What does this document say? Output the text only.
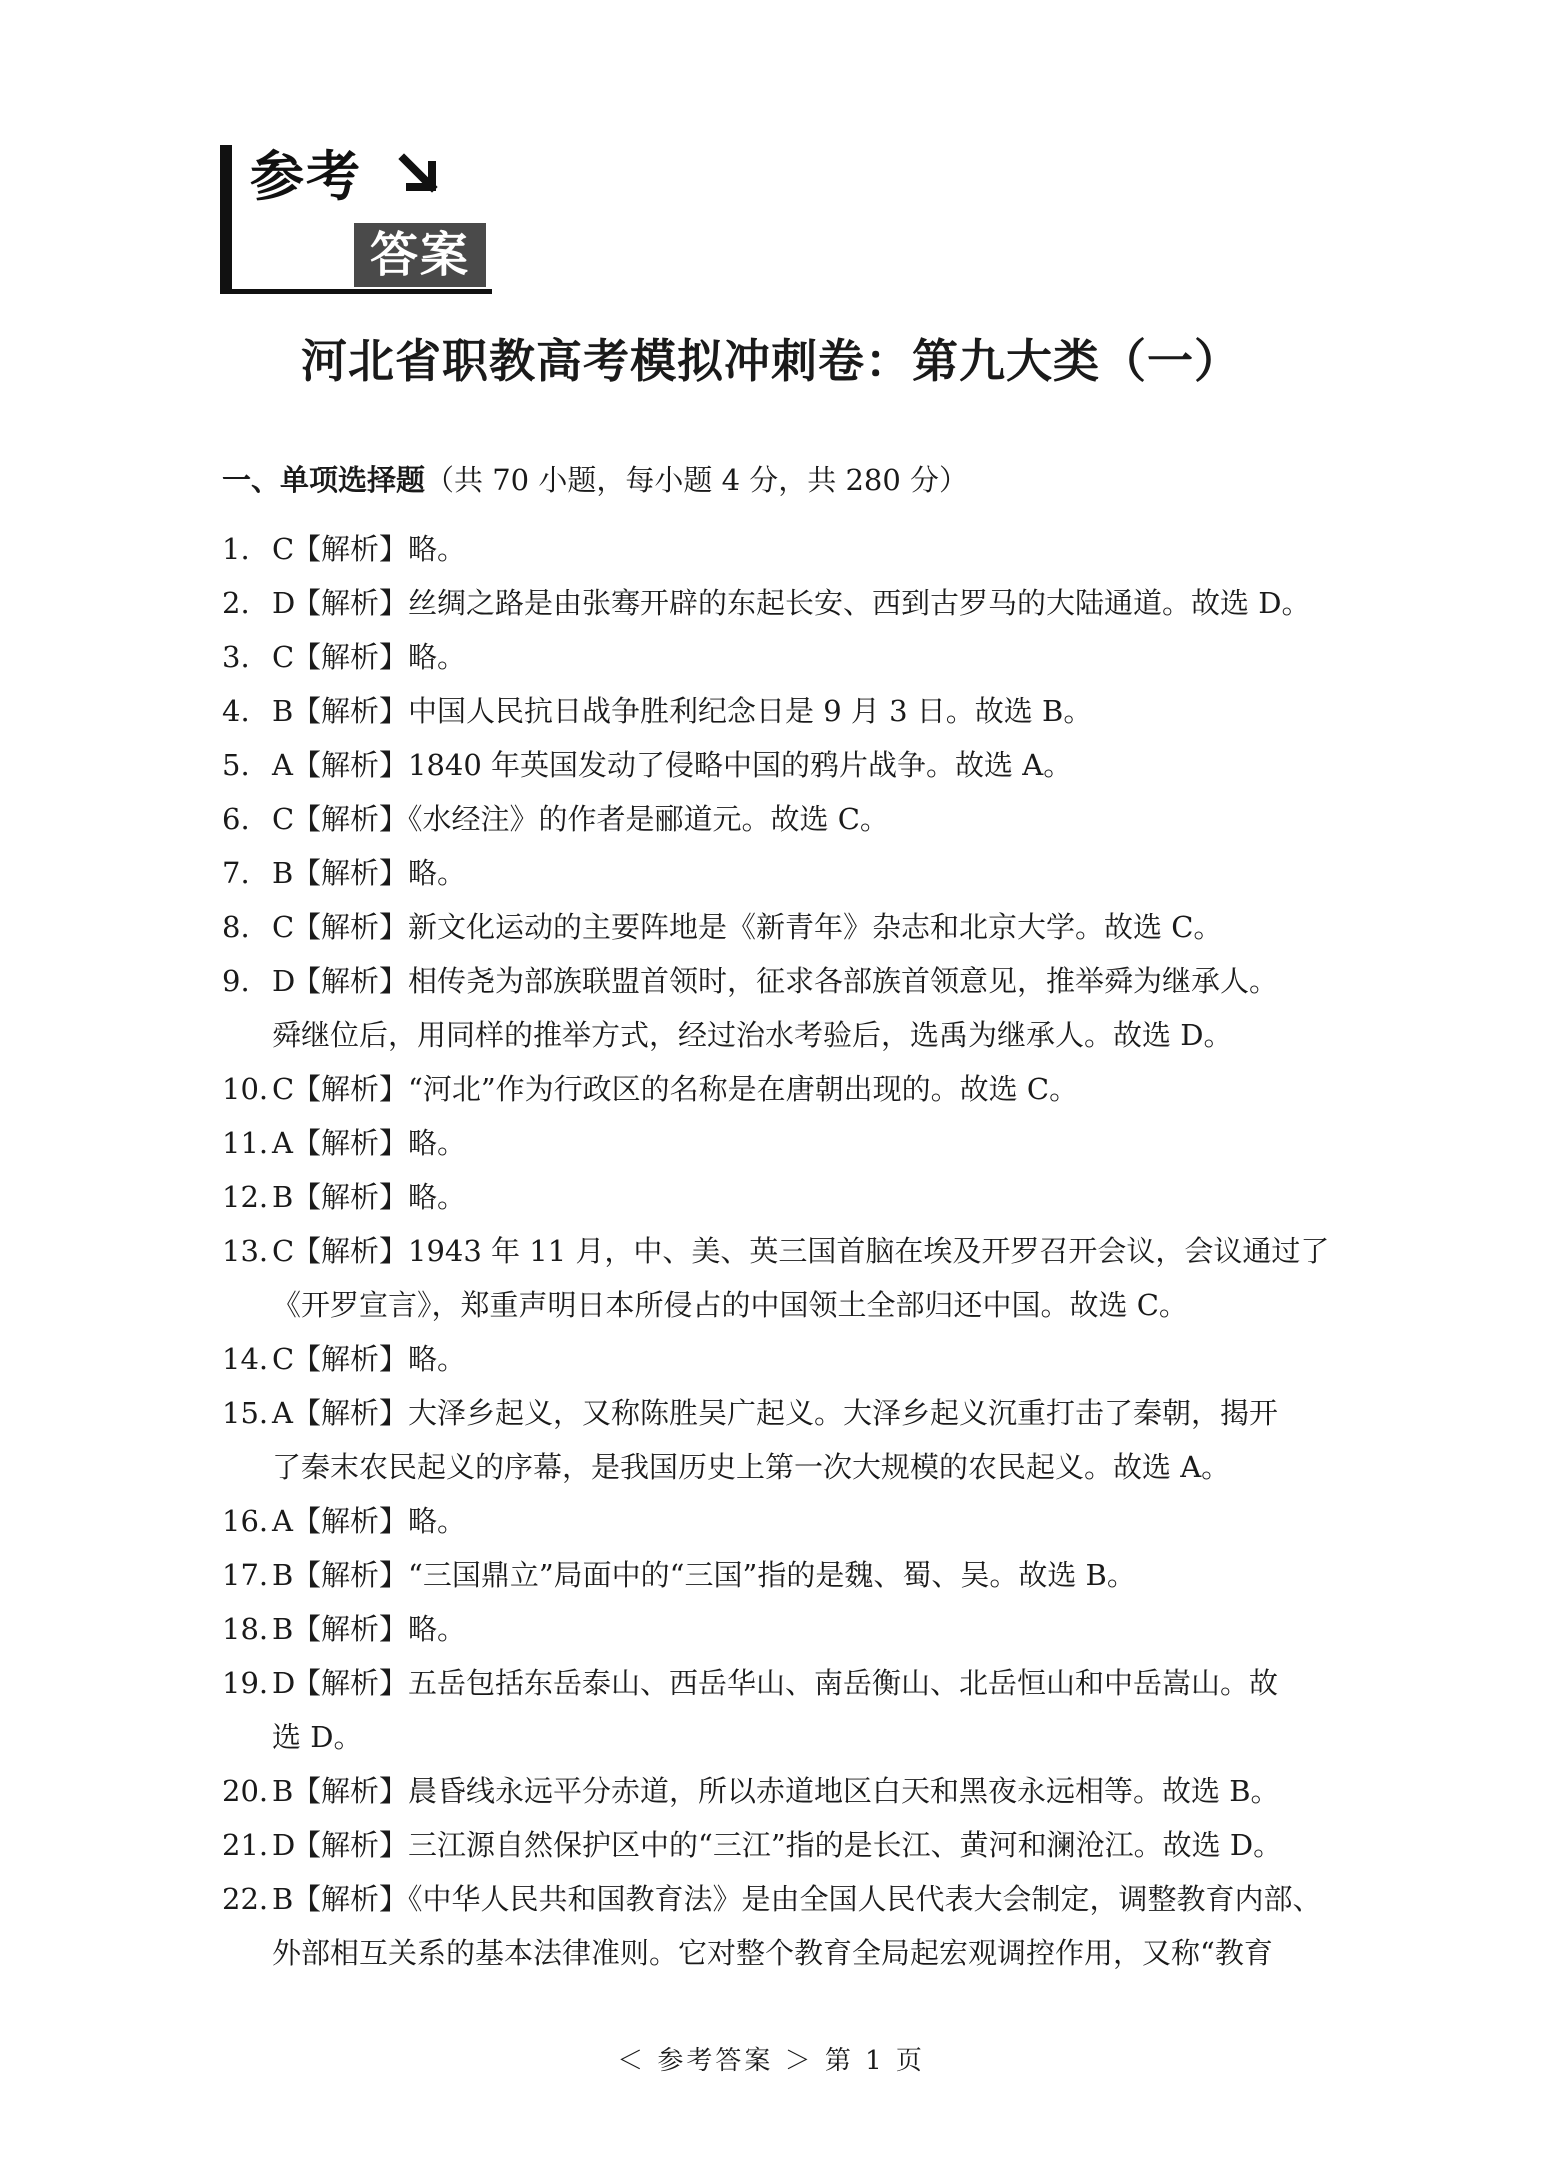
参考
答案
河北省职教高考模拟冲刺卷：第九大类（一）
一、单项选择题（共 70 小题，每小题 4 分，共 280 分）
1. C【解析】略。
2. D【解析】丝绸之路是由张骞开辟的东起长安、西到古罗马的大陆通道。故选 D。
3. C【解析】略。
4. B【解析】中国人民抗日战争胜利纪念日是 9 月 3 日。故选 B。
5. A【解析】1840 年英国发动了侵略中国的鸦片战争。故选 A。
6. C【解析】《水经注》的作者是郦道元。故选 C。
7. B【解析】略。
8. C【解析】新文化运动的主要阵地是《新青年》杂志和北京大学。故选 C。
9. D【解析】相传尧为部族联盟首领时，征求各部族首领意见，推举舜为继承人。
舜继位后，用同样的推举方式，经过治水考验后，选禹为继承人。故选 D。
10. C【解析】“河北”作为行政区的名称是在唐朝出现的。故选 C。
11. A【解析】略。
12. B【解析】略。
13. C【解析】1943 年 11 月，中、美、英三国首脑在埃及开罗召开会议，会议通过了
《开罗宣言》，郑重声明日本所侵占的中国领土全部归还中国。故选 C。
14. C【解析】略。
15. A【解析】大泽乡起义，又称陈胜吴广起义。大泽乡起义沉重打击了秦朝，揭开
了秦末农民起义的序幕，是我国历史上第一次大规模的农民起义。故选 A。
16. A【解析】略。
17. B【解析】“三国鼎立”局面中的“三国”指的是魏、蜀、吴。故选 B。
18. B【解析】略。
19. D【解析】五岳包括东岳泰山、西岳华山、南岳衡山、北岳恒山和中岳嵩山。故
选 D。
20. B【解析】晨昏线永远平分赤道，所以赤道地区白天和黑夜永远相等。故选 B。
21. D【解析】三江源自然保护区中的“三江”指的是长江、黄河和澜沧江。故选 D。
22. B【解析】《中华人民共和国教育法》是由全国人民代表大会制定，调整教育内部、
外部相互关系的基本法律准则。它对整个教育全局起宏观调控作用，又称“教育
＜ 参考答案 ＞ 第 1 页
